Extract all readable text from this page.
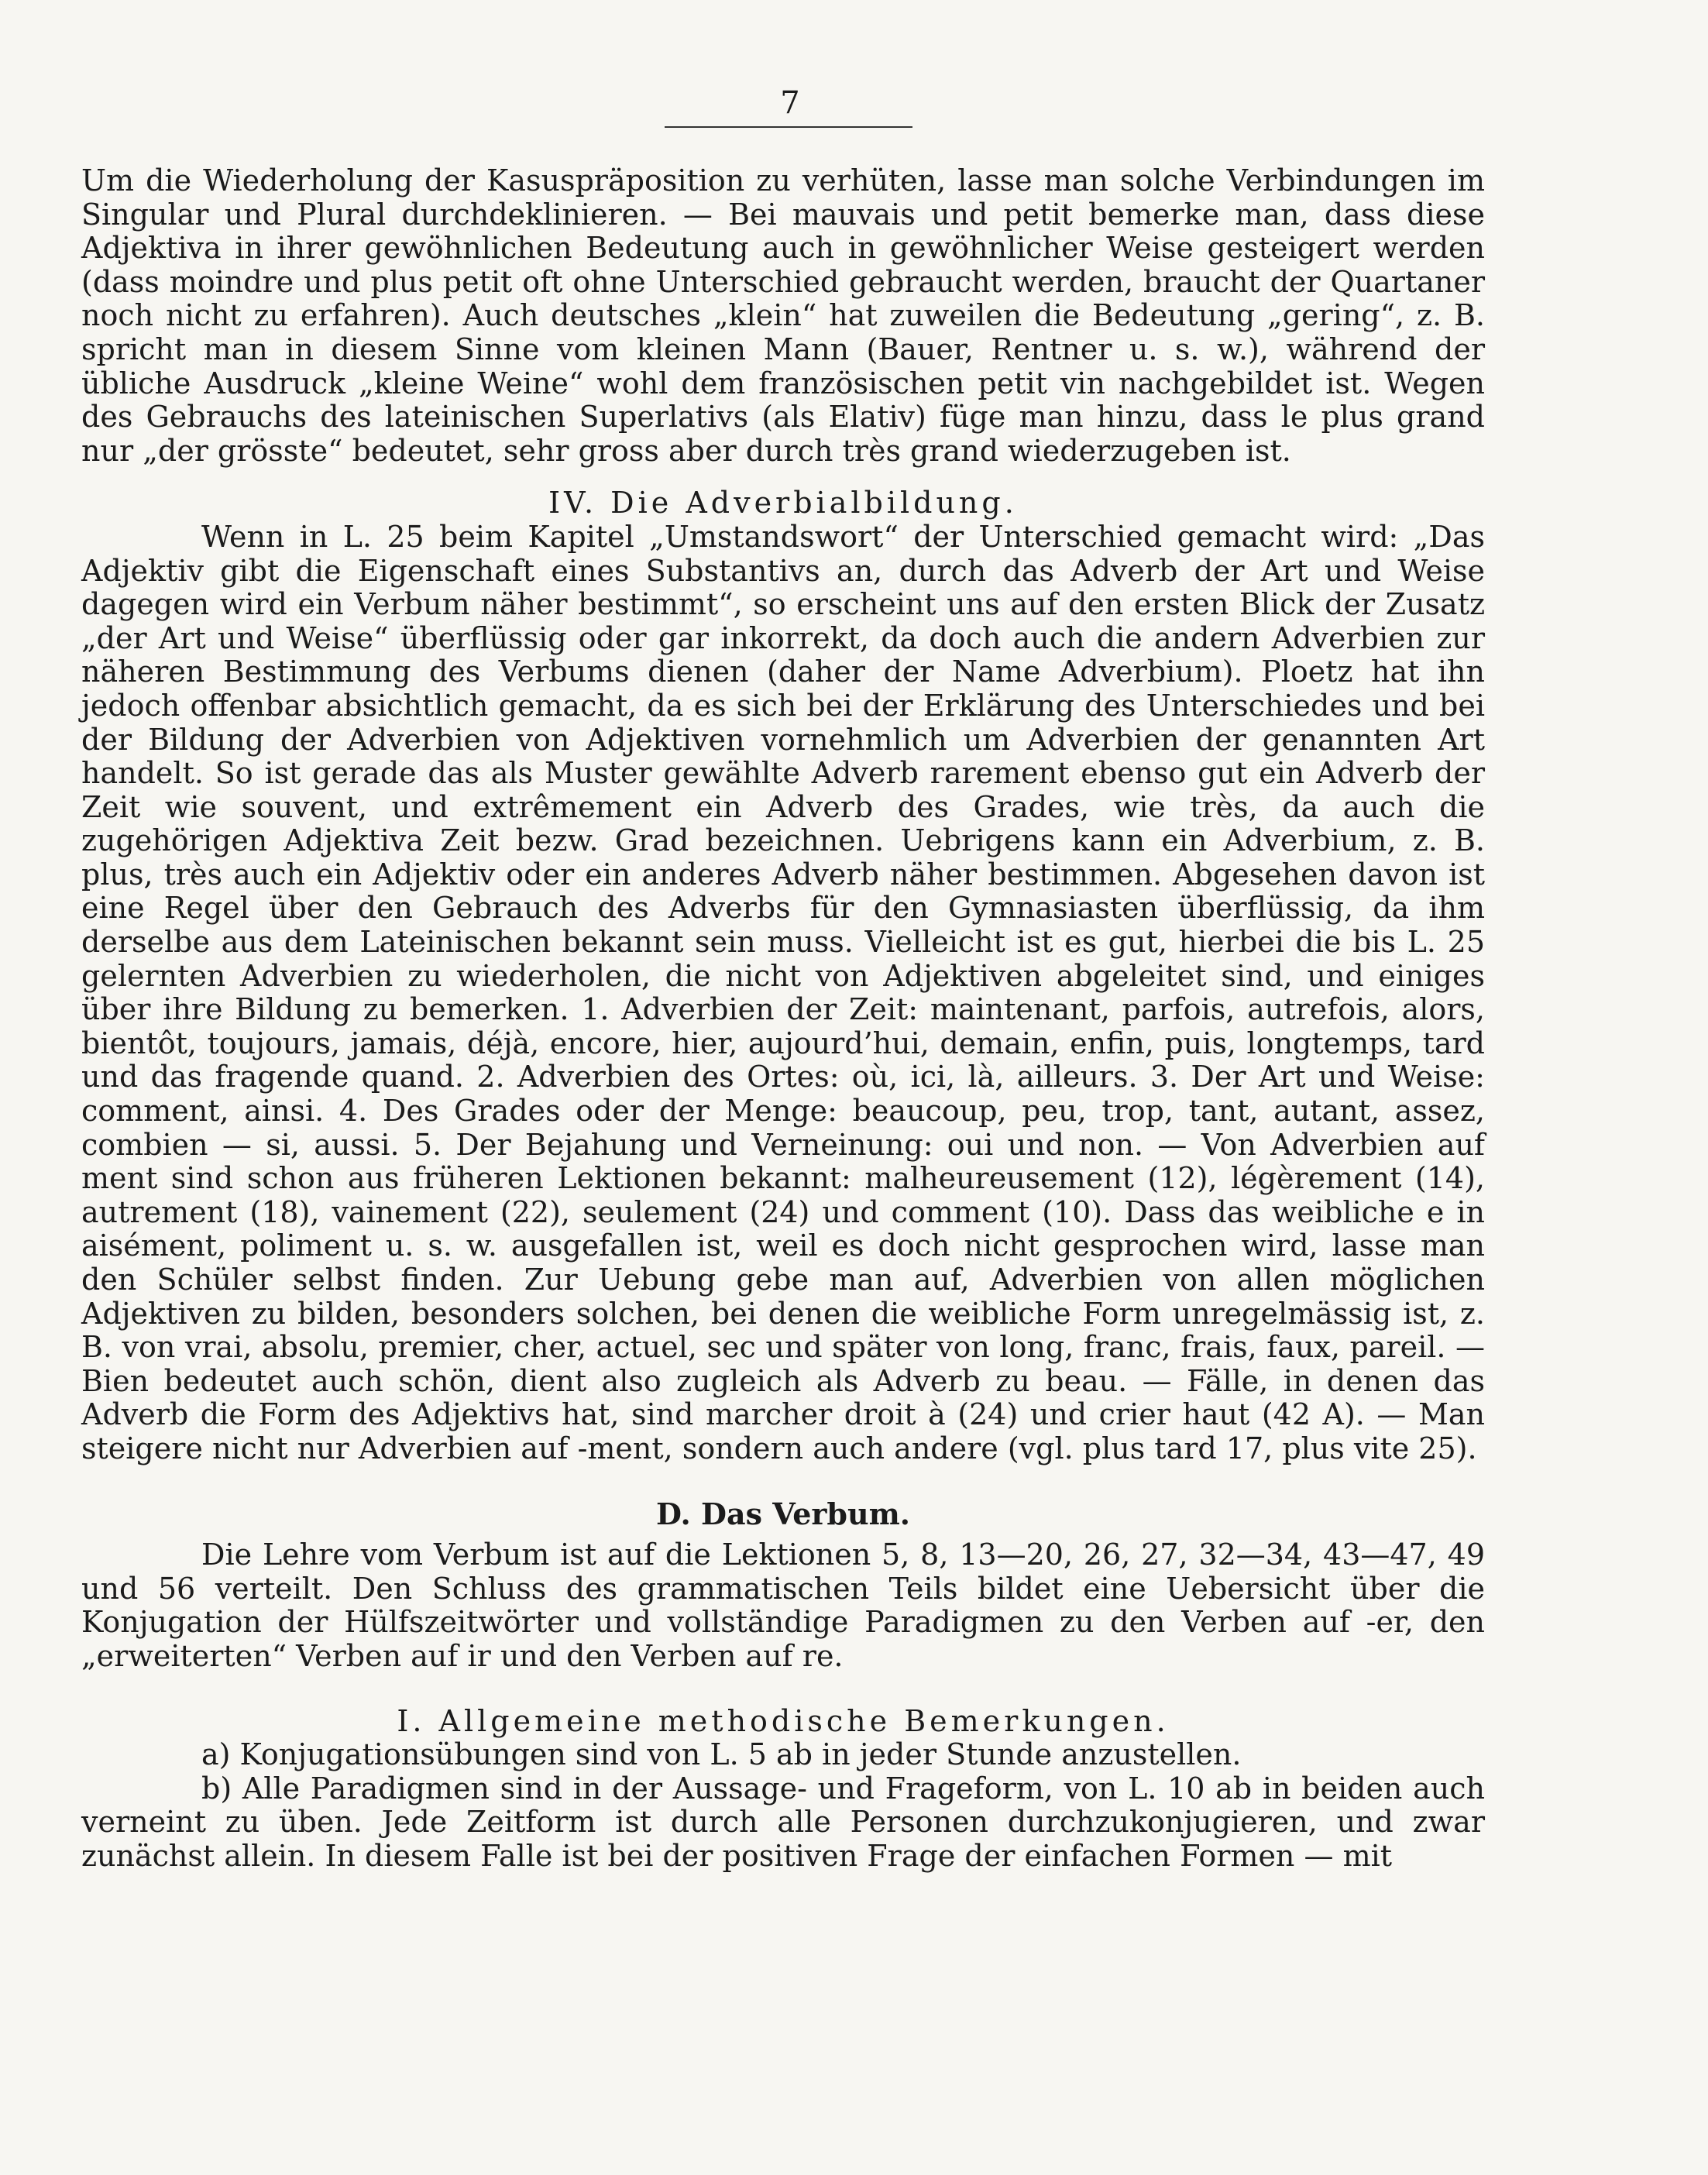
7

Um die Wiederholung der Kasuspräposition zu verhüten, lasse man solche Verbindungen im Singular und Plural durchdeklinieren. — Bei mauvais und petit bemerke man, dass diese Adjektiva in ihrer gewöhnlichen Bedeutung auch in gewöhnlicher Weise gesteigert werden (dass moindre und plus petit oft ohne Unterschied gebraucht werden, braucht der Quartaner noch nicht zu erfahren). Auch deutsches „klein“ hat zuweilen die Bedeutung „gering“, z. B. spricht man in diesem Sinne vom kleinen Mann (Bauer, Rentner u. s. w.), während der übliche Ausdruck „kleine Weine“ wohl dem französischen petit vin nachgebildet ist. Wegen des Gebrauchs des lateinischen Superlativs (als Elativ) füge man hinzu, dass le plus grand nur „der grösste“ bedeutet, sehr gross aber durch très grand wiederzugeben ist.

IV. Die Adverbialbildung.

Wenn in L. 25 beim Kapitel „Umstandswort“ der Unterschied gemacht wird: „Das Adjektiv gibt die Eigenschaft eines Substantivs an, durch das Adverb der Art und Weise dagegen wird ein Verbum näher bestimmt“, so erscheint uns auf den ersten Blick der Zusatz „der Art und Weise“ überflüssig oder gar inkorrekt, da doch auch die andern Adverbien zur näheren Bestimmung des Verbums dienen (daher der Name Adverbium). Ploetz hat ihn jedoch offenbar absichtlich gemacht, da es sich bei der Erklärung des Unterschiedes und bei der Bildung der Adverbien von Adjektiven vornehmlich um Adverbien der genannten Art handelt. So ist gerade das als Muster gewählte Adverb rarement ebenso gut ein Adverb der Zeit wie souvent, und extrêmement ein Adverb des Grades, wie très, da auch die zugehörigen Adjektiva Zeit bezw. Grad bezeichnen. Uebrigens kann ein Adverbium, z. B. plus, très auch ein Adjektiv oder ein anderes Adverb näher bestimmen. Abgesehen davon ist eine Regel über den Gebrauch des Adverbs für den Gymnasiasten überflüssig, da ihm derselbe aus dem Lateinischen bekannt sein muss. Vielleicht ist es gut, hierbei die bis L. 25 gelernten Adverbien zu wiederholen, die nicht von Adjektiven abgeleitet sind, und einiges über ihre Bildung zu bemerken. 1. Adverbien der Zeit: maintenant, parfois, autrefois, alors, bientôt, toujours, jamais, déjà, encore, hier, aujourd’hui, demain, enfin, puis, longtemps, tard und das fragende quand. 2. Adverbien des Ortes: où, ici, là, ailleurs. 3. Der Art und Weise: comment, ainsi. 4. Des Grades oder der Menge: beaucoup, peu, trop, tant, autant, assez, combien — si, aussi. 5. Der Bejahung und Verneinung: oui und non. — Von Adverbien auf ment sind schon aus früheren Lektionen bekannt: malheureusement (12), légèrement (14), autrement (18), vainement (22), seulement (24) und comment (10). Dass das weibliche e in aisément, poliment u. s. w. ausgefallen ist, weil es doch nicht gesprochen wird, lasse man den Schüler selbst finden. Zur Uebung gebe man auf, Adverbien von allen möglichen Adjektiven zu bilden, besonders solchen, bei denen die weibliche Form unregelmässig ist, z. B. von vrai, absolu, premier, cher, actuel, sec und später von long, franc, frais, faux, pareil. — Bien bedeutet auch schön, dient also zugleich als Adverb zu beau. — Fälle, in denen das Adverb die Form des Adjektivs hat, sind marcher droit à (24) und crier haut (42 A). — Man steigere nicht nur Adverbien auf -ment, sondern auch andere (vgl. plus tard 17, plus vite 25).

D. Das Verbum.

Die Lehre vom Verbum ist auf die Lektionen 5, 8, 13—20, 26, 27, 32—34, 43—47, 49 und 56 verteilt. Den Schluss des grammatischen Teils bildet eine Uebersicht über die Konjugation der Hülfszeitwörter und vollständige Paradigmen zu den Verben auf -er, den „erweiterten“ Verben auf ir und den Verben auf re.

I. Allgemeine methodische Bemerkungen.

a) Konjugationsübungen sind von L. 5 ab in jeder Stunde anzustellen.

b) Alle Paradigmen sind in der Aussage- und Frageform, von L. 10 ab in beiden auch verneint zu üben. Jede Zeitform ist durch alle Personen durchzukonjugieren, und zwar zunächst allein. In diesem Falle ist bei der positiven Frage der einfachen Formen — mit
